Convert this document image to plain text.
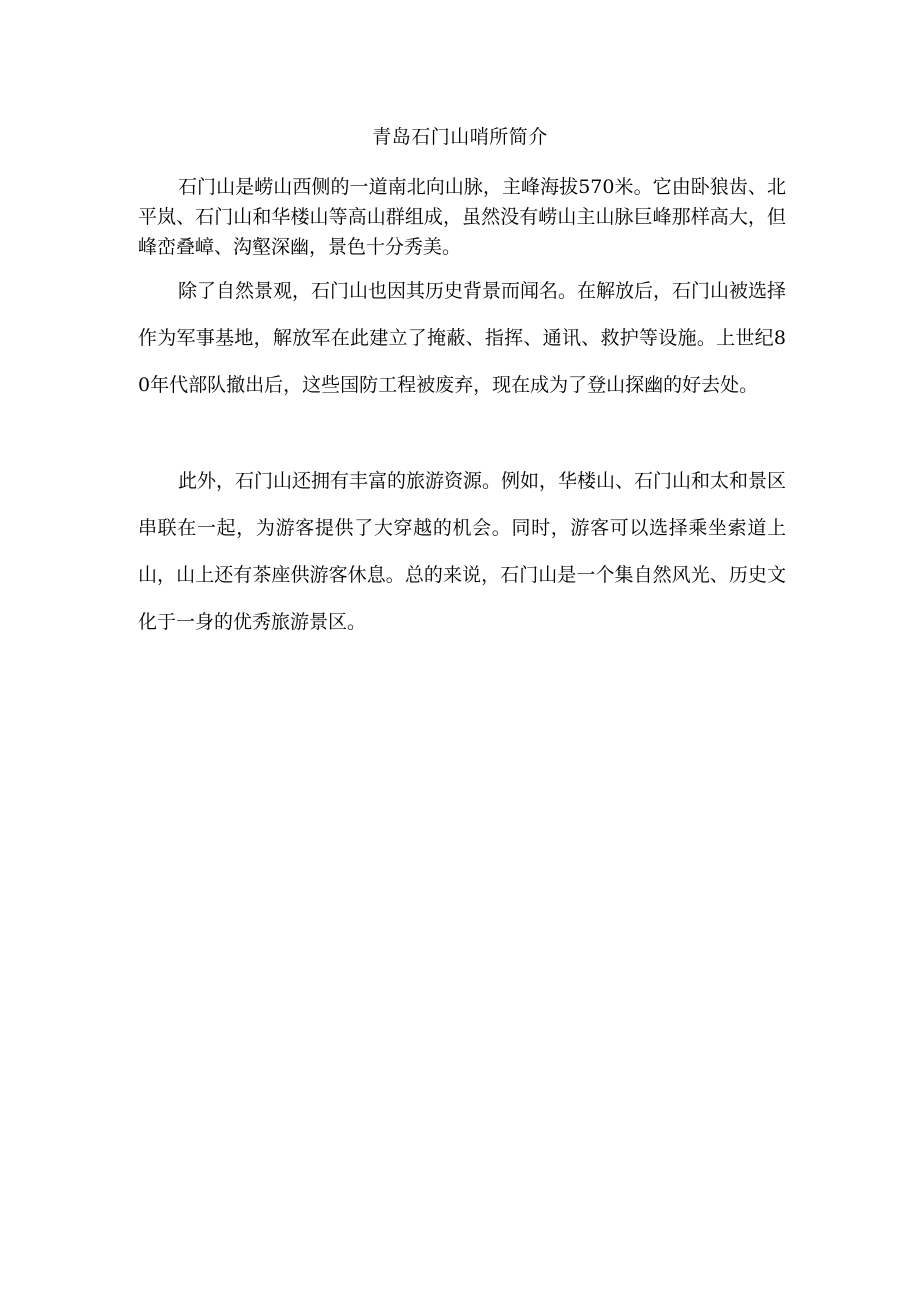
青岛石门山哨所简介

石门山是崂山西侧的一道南北向山脉，主峰海拔570米。它由卧狼齿、北平岚、石门山和华楼山等高山群组成，虽然没有崂山主山脉巨峰那样高大，但峰峦叠嶂、沟壑深幽，景色十分秀美。

除了自然景观，石门山也因其历史背景而闻名。在解放后，石门山被选择作为军事基地，解放军在此建立了掩蔽、指挥、通讯、救护等设施。上世纪80年代部队撤出后，这些国防工程被废弃，现在成为了登山探幽的好去处。

此外，石门山还拥有丰富的旅游资源。例如，华楼山、石门山和太和景区串联在一起，为游客提供了大穿越的机会。同时，游客可以选择乘坐索道上山，山上还有茶座供游客休息。总的来说，石门山是一个集自然风光、历史文化于一身的优秀旅游景区。
